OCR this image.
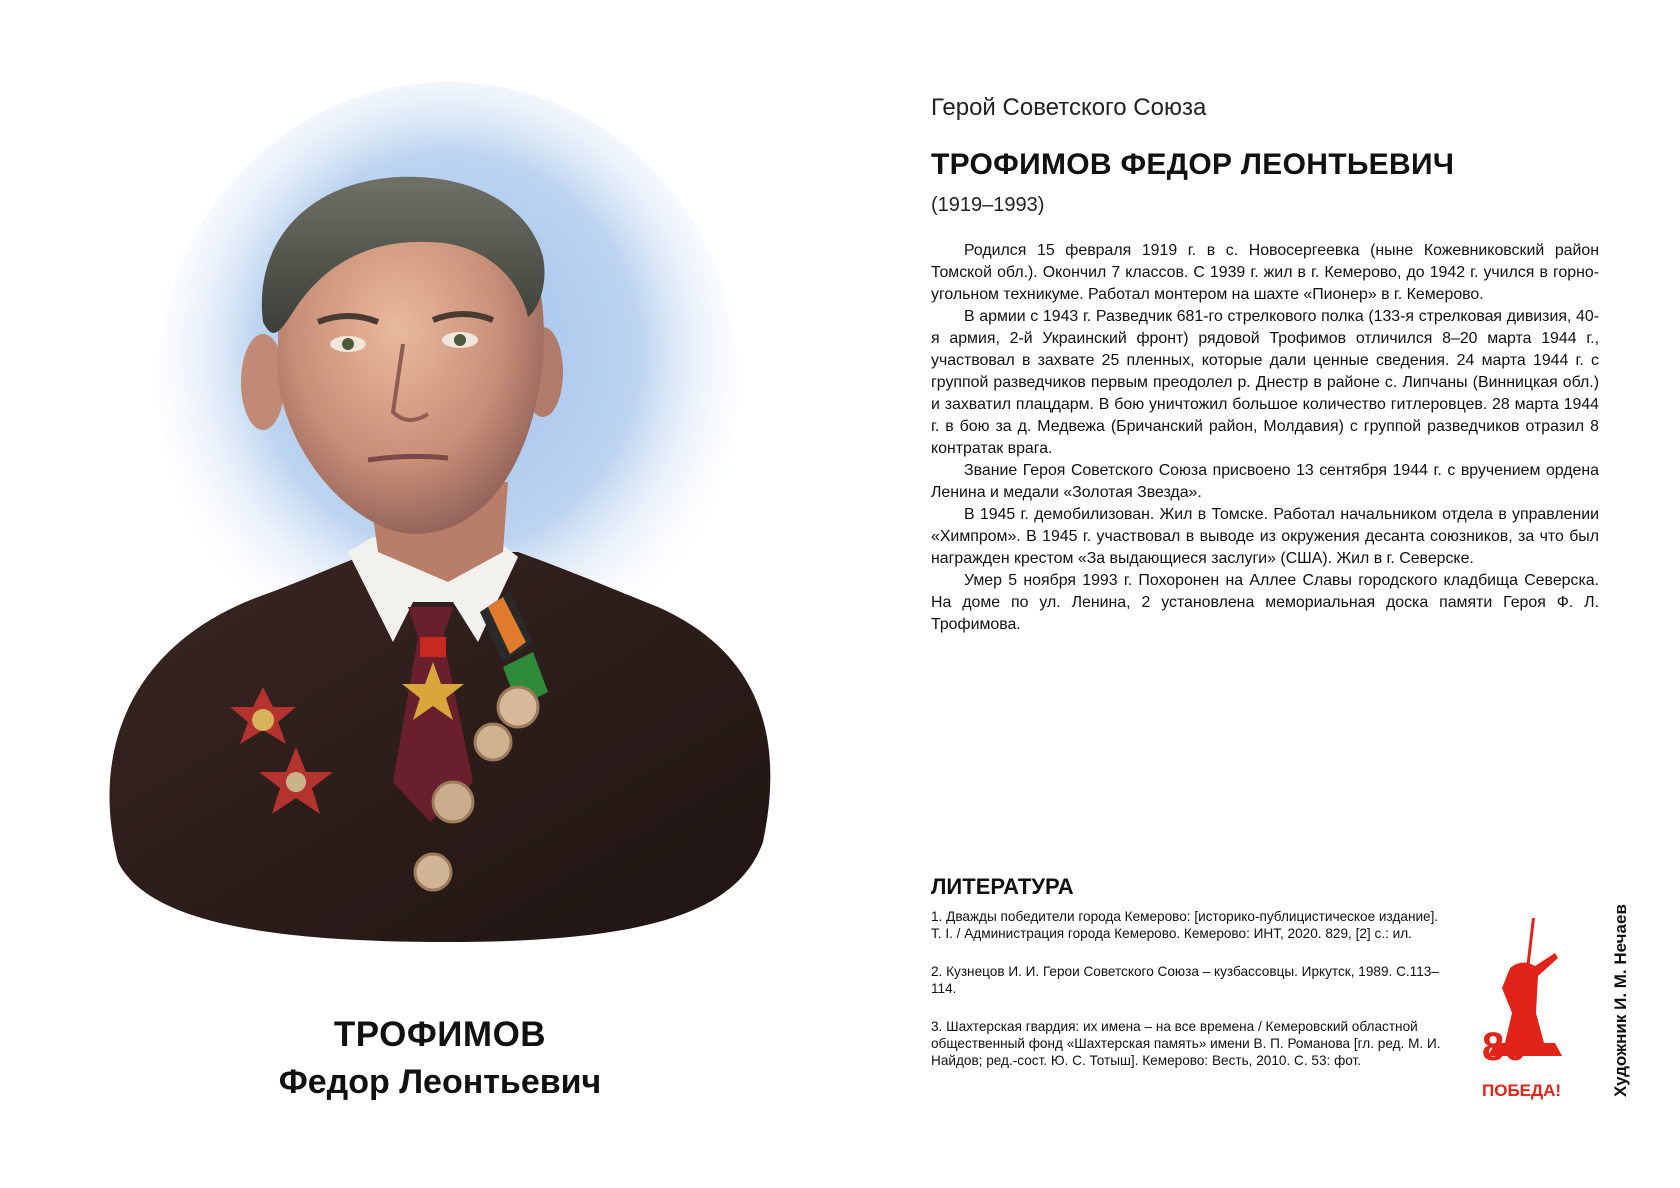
ТРОФИМОВ
Федор Леонтьевич
Герой Советского Союза
ТРОФИМОВ ФЕДОР ЛЕОНТЬЕВИЧ
(1919–1993)

Родился 15 февраля 1919 г. в с. Новосергеевка (ныне Кожевниковский район Томской обл.). Окончил 7 классов. С 1939 г. жил в г. Кемерово, до 1942 г. учился в горно-угольном техникуме. Работал монтером на шахте «Пионер» в г. Кемерово.

В армии с 1943 г. Разведчик 681-го стрелкового полка (133-я стрелковая дивизия, 40-я армия, 2-й Украинский фронт) рядовой Трофимов отличился 8–20 марта 1944 г., участвовал в захвате 25 пленных, которые дали ценные сведения. 24 марта 1944 г. с группой разведчиков первым преодолел р. Днестр в районе с. Липчаны (Винницкая обл.) и захватил плацдарм. В бою уничтожил большое количество гитлеровцев. 28 марта 1944 г. в бою за д. Медвежа (Бричанский район, Молдавия) с группой разведчиков отразил 8 контратак врага.

Звание Героя Советского Союза присвоено 13 сентября 1944 г. с вручением ордена Ленина и медали «Золотая Звезда».

В 1945 г. демобилизован. Жил в Томске. Работал начальником отдела в управлении «Химпром». В 1945 г. участвовал в выводе из окружения десанта союзников, за что был награжден крестом «За выдающиеся заслуги» (США). Жил в г. Северске.

Умер 5 ноября 1993 г. Похоронен на Аллее Славы городского кладбища Северска. На доме по ул. Ленина, 2 установлена мемориальная доска памяти Героя Ф. Л. Трофимова.

ЛИТЕРАТУРА

1. Дважды победители города Кемерово: [историко-публицистическое издание]. Т. I. / Администрация города Кемерово. Кемерово: ИНТ, 2020. 829, [2] с.: ил.

2. Кузнецов И. И. Герои Советского Союза – кузбассовцы. Иркутск, 1989. С.113–114.

3. Шахтерская гвардия: их имена – на все времена / Кемеровский областной общественный фонд «Шахтерская память» имени В. П. Романова [гл. ред. М. И. Найдов; ред.-сост. Ю. С. Тотыш]. Кемерово: Весть, 2010. С. 53: фот.	80
ПОБЕДА!	Художник И. М. Нечаев
